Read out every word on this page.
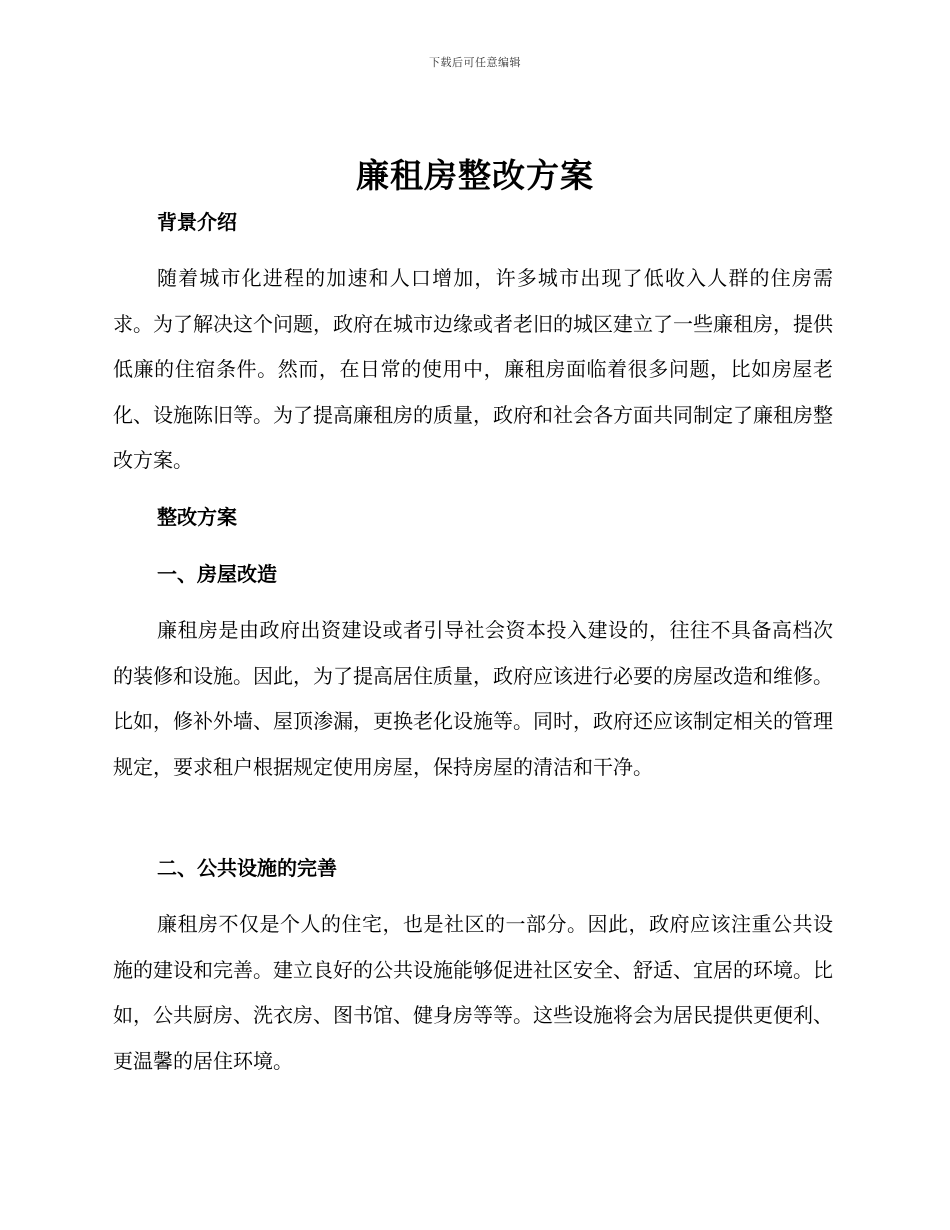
下载后可任意编辑
廉租房整改方案
背景介绍

随着城市化进程的加速和人口增加，许多城市出现了低收入人群的住房需求。为了解决这个问题，政府在城市边缘或者老旧的城区建立了一些廉租房，提供低廉的住宿条件。然而，在日常的使用中，廉租房面临着很多问题，比如房屋老化、设施陈旧等。为了提高廉租房的质量，政府和社会各方面共同制定了廉租房整改方案。

整改方案
一、房屋改造

廉租房是由政府出资建设或者引导社会资本投入建设的，往往不具备高档次的装修和设施。因此，为了提高居住质量，政府应该进行必要的房屋改造和维修。比如，修补外墙、屋顶渗漏，更换老化设施等。同时，政府还应该制定相关的管理规定，要求租户根据规定使用房屋，保持房屋的清洁和干净。

二、公共设施的完善

廉租房不仅是个人的住宅，也是社区的一部分。因此，政府应该注重公共设施的建设和完善。建立良好的公共设施能够促进社区安全、舒适、宜居的环境。比如，公共厨房、洗衣房、图书馆、健身房等等。这些设施将会为居民提供更便利、更温馨的居住环境。
